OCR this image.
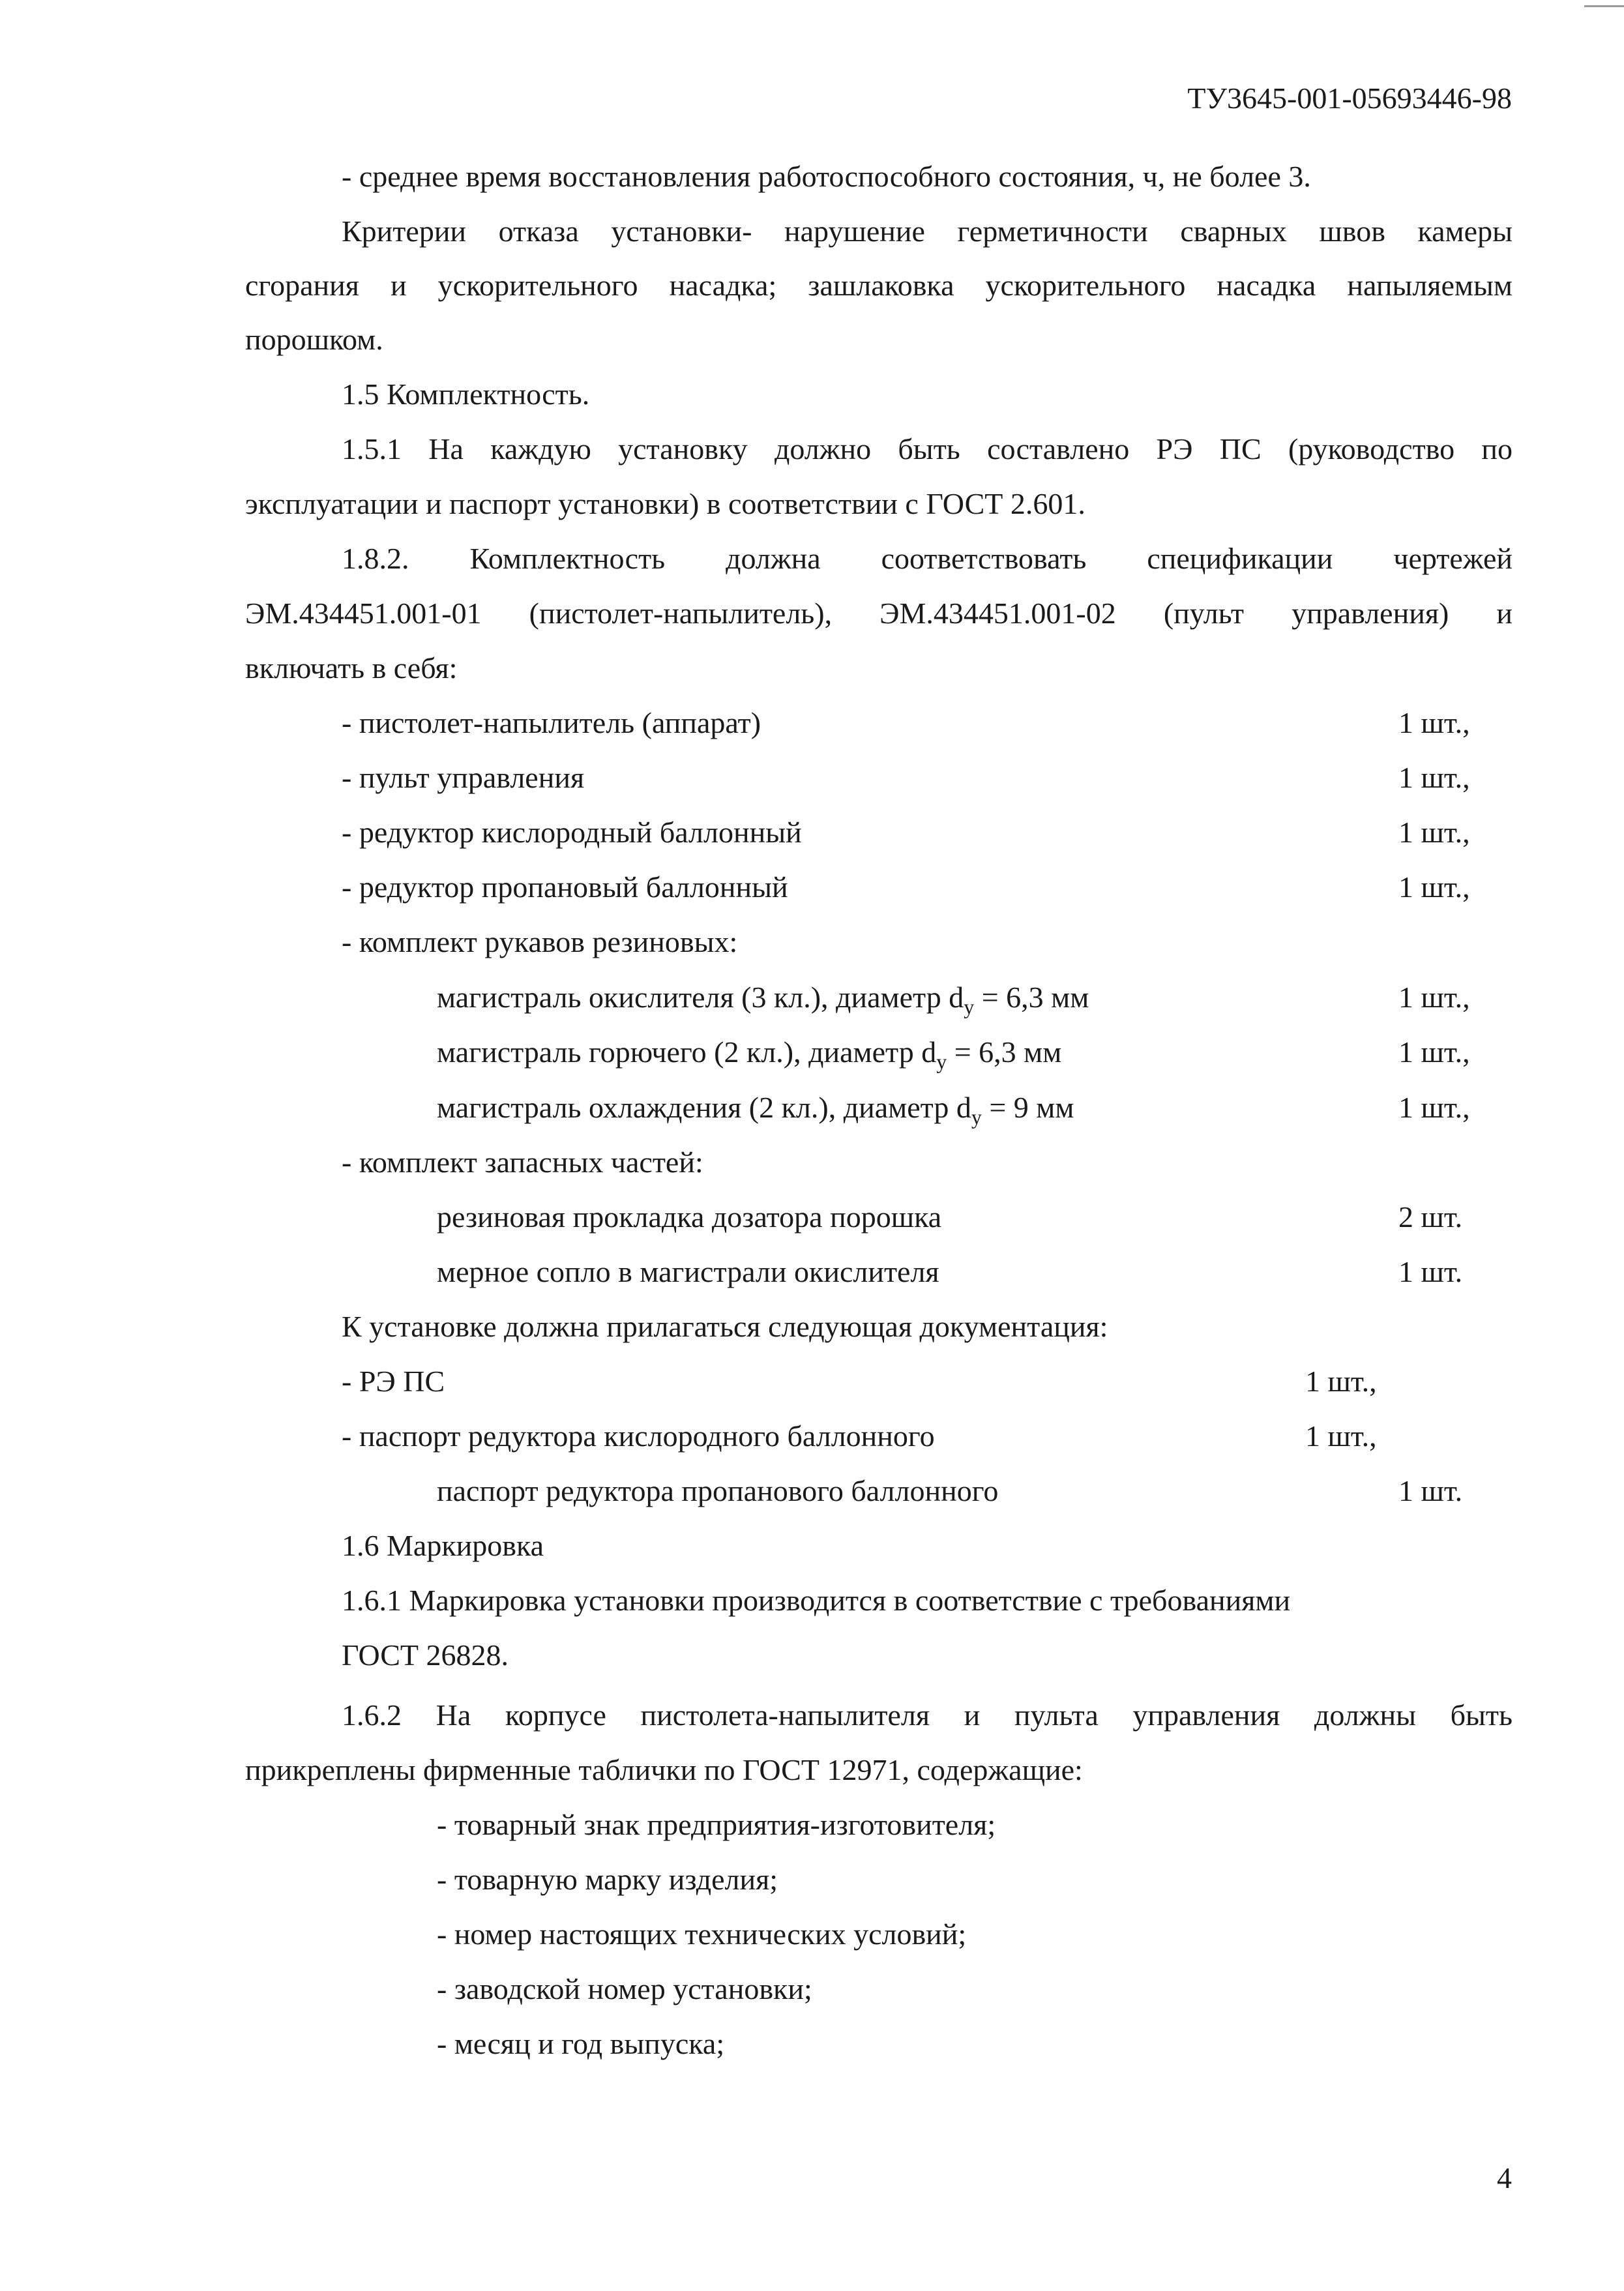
ТУ3645-001-05693446-98
- среднее время восстановления работоспособного состояния, ч, не более 3.
Критерии отказа установки- нарушение герметичности сварных швов камеры
сгорания и ускорительного насадка; зашлаковка ускорительного насадка напыляемым
порошком.
1.5 Комплектность.
1.5.1 На каждую установку должно быть составлено РЭ ПС (руководство по
эксплуатации и паспорт установки) в соответствии с ГОСТ 2.601.
1.8.2. Комплектность должна соответствовать спецификации чертежей
ЭМ.434451.001-01 (пистолет-напылитель), ЭМ.434451.001-02 (пульт управления) и
включать в себя:
- пистолет-напылитель (аппарат)	1 шт.,
- пульт управления	1 шт.,
- редуктор кислородный баллонный	1 шт.,
- редуктор пропановый баллонный	1 шт.,
- комплект рукавов резиновых:
магистраль окислителя (3 кл.), диаметр $d_у = 6,3$ мм	1 шт.,
магистраль горючего (2 кл.), диаметр $d_у = 6,3$ мм	1 шт.,
магистраль охлаждения (2 кл.), диаметр $d_у = 9$ мм	1 шт.,
- комплект запасных частей:
резиновая прокладка дозатора порошка	2 шт.
мерное сопло в магистрали окислителя	1 шт.
К установке должна прилагаться следующая документация:
- РЭ ПС	1 шт.,
- паспорт редуктора кислородного баллонного	1 шт.,
паспорт редуктора пропанового баллонного	1 шт.
1.6 Маркировка
1.6.1 Маркировка установки производится в соответствие с требованиями
ГОСТ 26828.
1.6.2 На корпусе пистолета-напылителя и пульта управления должны быть
прикреплены фирменные таблички по ГОСТ 12971, содержащие:
- товарный знак предприятия-изготовителя;
- товарную марку изделия;
- номер настоящих технических условий;
- заводской номер установки;
- месяц и год выпуска;
4
